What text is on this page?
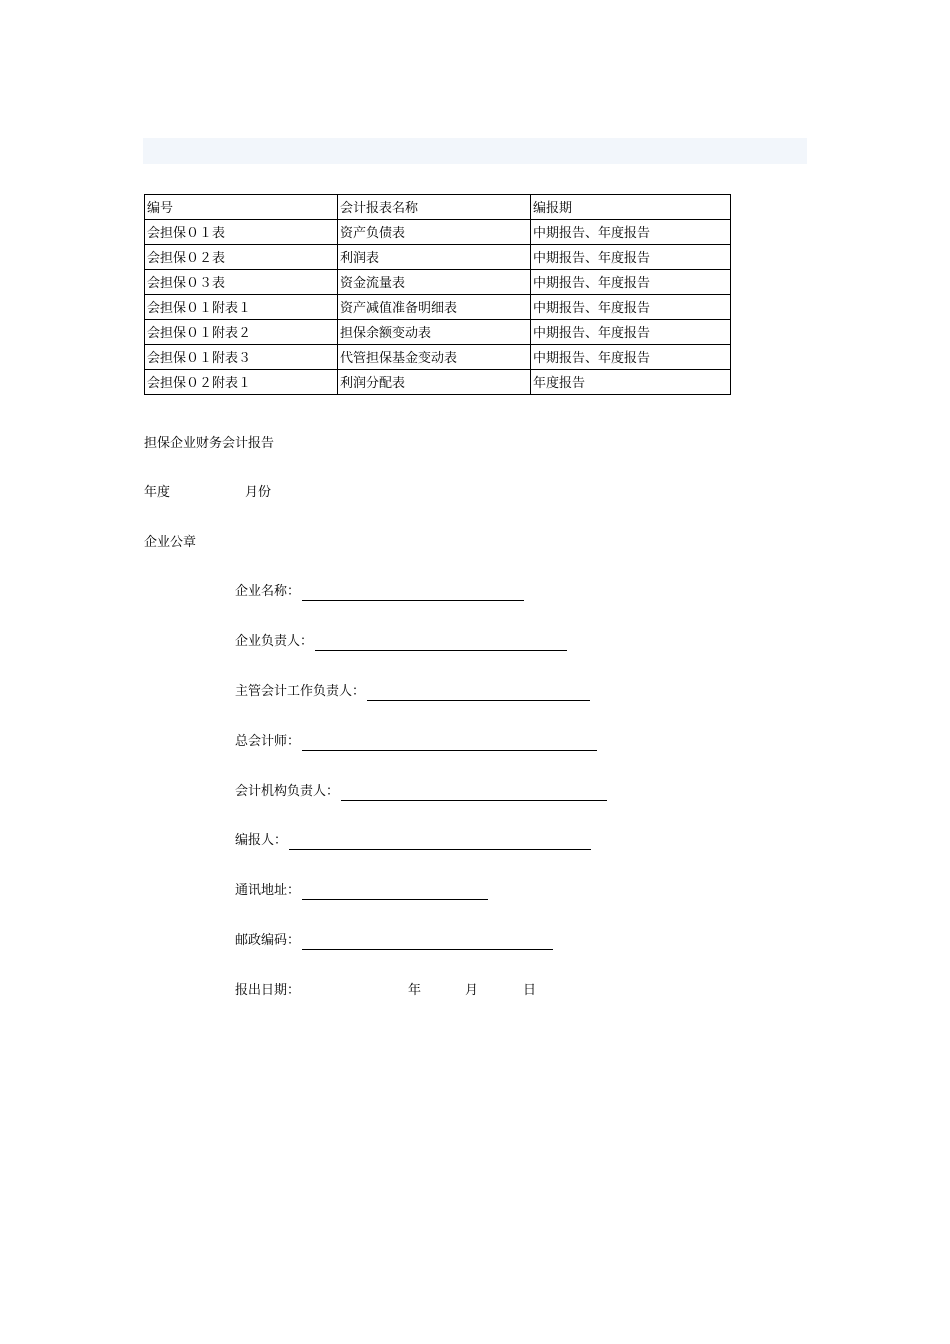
编号	会计报表名称	编报期
会担保０１表	资产负债表	中期报告、年度报告
会担保０２表	利润表	中期报告、年度报告
会担保０３表	资金流量表	中期报告、年度报告
会担保０１附表１	资产减值准备明细表	中期报告、年度报告
会担保０１附表２	担保余额变动表	中期报告、年度报告
会担保０１附表３	代管担保基金变动表	中期报告、年度报告
会担保０２附表１	利润分配表	年度报告
担保企业财务会计报告
年度	月份
企业公章
企业名称：
企业负责人：
主管会计工作负责人：
总会计师：
会计机构负责人：
编报人：
通讯地址：
邮政编码：
报出日期：	年	月	日
